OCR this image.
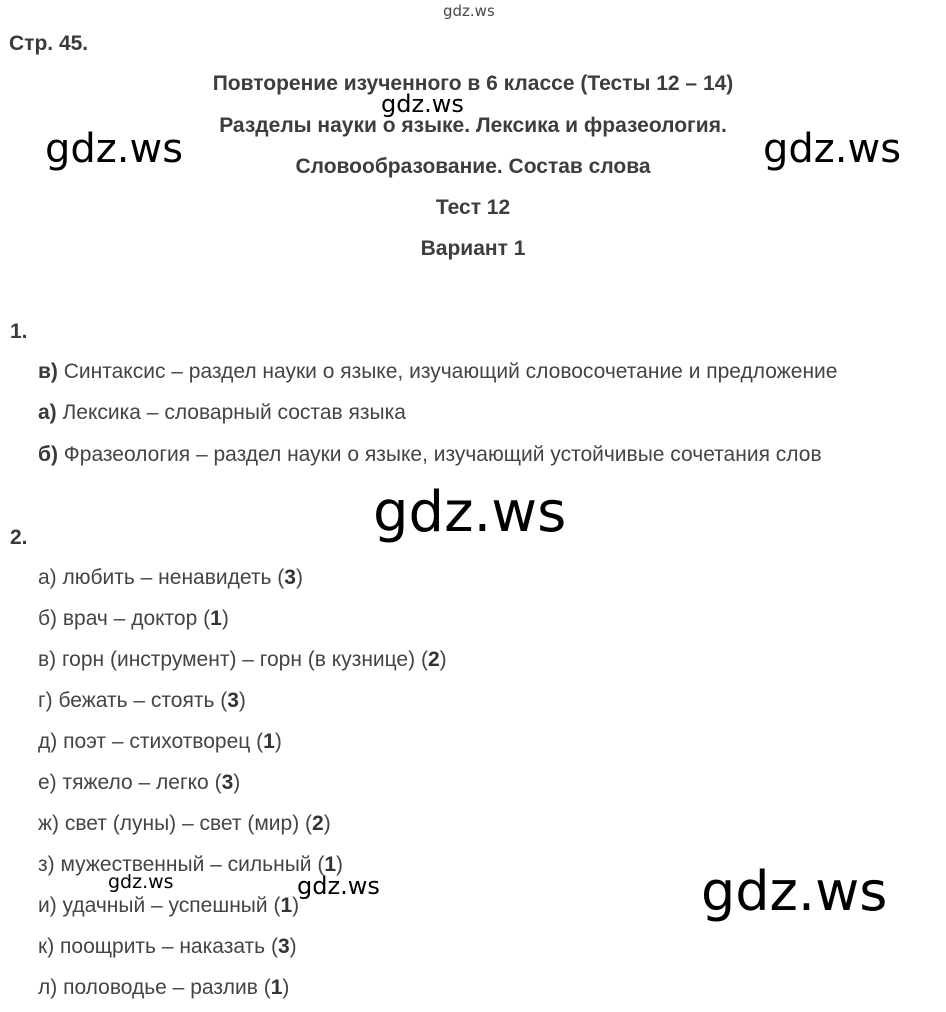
Стр. 45.
Повторение изученного в 6 классе (Тесты 12 – 14)
Разделы науки о языке. Лексика и фразеология.
Словообразование. Состав слова
Тест 12
Вариант 1
1.
в) Синтаксис – раздел науки о языке, изучающий словосочетание и предложение
а) Лексика – словарный состав языка
б) Фразеология – раздел науки о языке, изучающий устойчивые сочетания слов
2.
а) любить – ненавидеть (3)
б) врач – доктор (1)
в) горн (инструмент) – горн (в кузнице) (2)
г) бежать – стоять (3)
д) поэт – стихотворец (1)
е) тяжело – легко (3)
ж) свет (луны) – свет (мир) (2)
з) мужественный – сильный (1)
и) удачный – успешный (1)
к) поощрить – наказать (3)
л) половодье – разлив (1)
gdz.ws
gdz.ws
gdz.ws	gdz.ws
gdz.ws
gdz.ws	gdz.ws	gdz.ws
